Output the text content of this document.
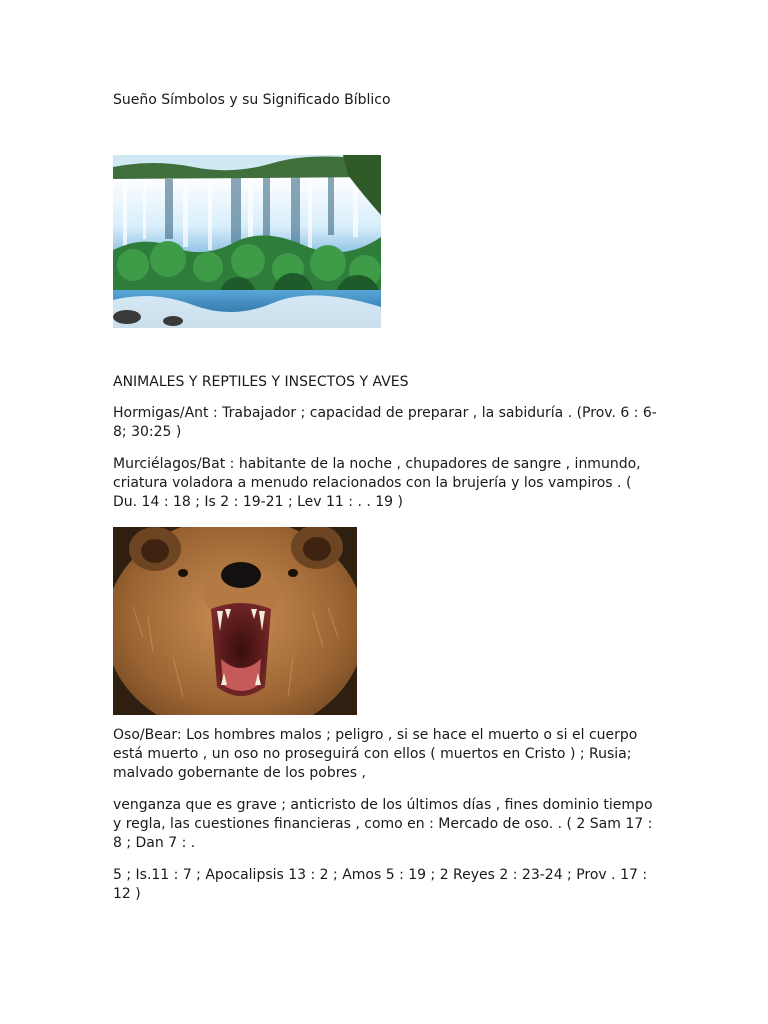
Sueño Símbolos y su Significado Bíblico

ANIMALES Y REPTILES Y INSECTOS Y AVES

Hormigas/Ant : Trabajador ; capacidad de preparar , la sabiduría . (Prov. 6 : 6-8; 30:25 )

Murciélagos/Bat : habitante de la noche , chupadores de sangre , inmundo, criatura voladora a menudo relacionados con la brujería y los vampiros . ( Du. 14 : 18 ; Is 2 : 19-21 ; Lev 11 : . . 19 )

Oso/Bear: Los hombres malos ; peligro , si se hace el muerto o si el cuerpo está muerto , un oso no proseguirá con ellos ( muertos en Cristo ) ; Rusia; malvado gobernante de los pobres ,

venganza que es grave ; anticristo de los últimos días , fines dominio tiempo y regla, las cuestiones financieras , como en : Mercado de oso. . ( 2 Sam 17 : 8 ; Dan 7 : .

5 ; Is.11 : 7 ; Apocalipsis 13 : 2 ; Amos 5 : 19 ; 2 Reyes 2 : 23-24 ; Prov . 17 : 12 )
